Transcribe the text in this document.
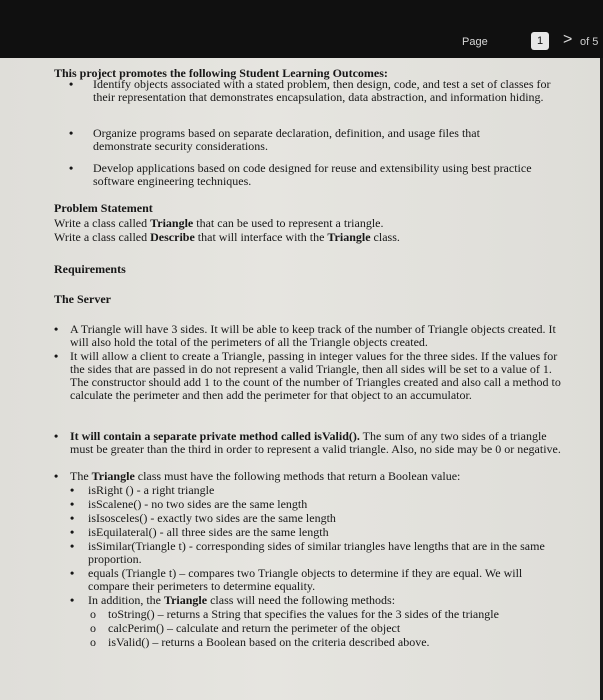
Page	1	> of 5
This project promotes the following Student Learning Outcomes:
•	Identify objects associated with a stated problem, then design, code, and test a set of classes for their representation that demonstrates encapsulation, data abstraction, and information hiding.
•	Organize programs based on separate declaration, definition, and usage files that demonstrate security considerations.
•	Develop applications based on code designed for reuse and extensibility using best practice software engineering techniques.
Problem Statement
Write a class called Triangle that can be used to represent a triangle.
Write a class called Describe that will interface with the Triangle class.
Requirements
The Server
• A Triangle will have 3 sides. It will be able to keep track of the number of Triangle objects created. It will also hold the total of the perimeters of all the Triangle objects created.
• It will allow a client to create a Triangle, passing in integer values for the three sides. If the values for the sides that are passed in do not represent a valid Triangle, then all sides will be set to a value of 1. The constructor should add 1 to the count of the number of Triangles created and also call a method to calculate the perimeter and then add the perimeter for that object to an accumulator.
• It will contain a separate private method called isValid(). The sum of any two sides of a triangle must be greater than the third in order to represent a valid triangle. Also, no side may be 0 or negative.
• The Triangle class must have the following methods that return a Boolean value:
•	isRight () - a right triangle
•	isScalene() - no two sides are the same length
•	isIsosceles() - exactly two sides are the same length
•	isEquilateral() - all three sides are the same length
•	isSimilar(Triangle t) - corresponding sides of similar triangles have lengths that are in the same proportion.
•	equals (Triangle t) – compares two Triangle objects to determine if they are equal. We will compare their perimeters to determine equality.
•	In addition, the Triangle class will need the following methods:
o	toString() – returns a String that specifies the values for the 3 sides of the triangle
o	calcPerim() – calculate and return the perimeter of the object
o	isValid() – returns a Boolean based on the criteria described above.
